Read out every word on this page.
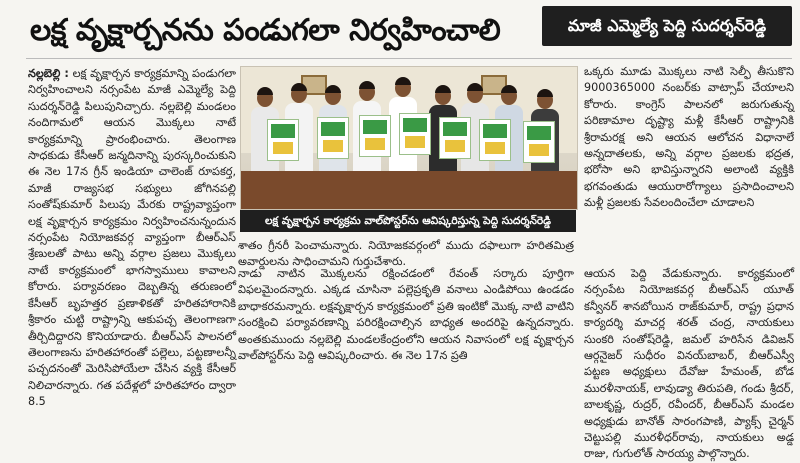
లక్ష వృక్షార్చనను పండుగలా నిర్వహించాలి	మాజీ ఎమ్మెల్యే పెద్ది సుదర్శన్‌రెడ్డి

నల్లబెల్లి : లక్ష వృక్షార్చన కార్యక్రమాన్ని పండుగలా నిర్వహించాలని నర్సంపేట మాజీ ఎమ్మెల్యే పెద్ది సుదర్శన్‌రెడ్డి పిలుపునిచ్చారు. నల్లబెల్లి మండలం నందిగామలో ఆయన మొక్కలు నాటే కార్యక్రమాన్ని ప్రారంభించారు. తెలంగాణ సాధకుడు కేసీఆర్ జన్మదినాన్ని పురస్కరించుకుని ఈ నెల 17న గ్రీన్ ఇండియా చాలెంజ్ రూపకర్త, మాజీ రాజ్యసభ సభ్యులు జోగినపల్లి సంతోష్‌కుమార్ పిలుపు మేరకు రాష్ట్రవ్యాప్తంగా లక్ష వృక్షార్చన కార్యక్రమం నిర్వహించనున్నందున నర్సంపేట నియోజకవర్గ వ్యాప్తంగా బీఆర్ఎస్ శ్రేణులతో పాటు అన్ని వర్గాల ప్రజలు మొక్కలు నాటే కార్యక్రమంలో భాగస్వాములు కావాలని కోరారు. పర్యావరణం దెబ్బతిన్న తరుణంలో కేసీఆర్ బృహత్తర ప్రణాళికతో హరితహారానికి శ్రీకారం చుట్టి రాష్ట్రాన్ని ఆకుపచ్చ తెలంగాణగా తీర్చిదిద్దారని కొనియాడారు. బీఆర్ఎస్ పాలనలో తెలంగాణను హరితహారంతో పల్లెలు, పట్టణాలన్నీ పచ్చదనంతో మెరిసిపోయేలా చేసిన వ్యక్తి కేసీఆర్ నిలిచారన్నారు. గత పదేళ్లలో హరితహారం ద్వారా 8.5

లక్ష వృక్షార్చన కార్యక్రమ వాల్‌పోస్టర్‌ను ఆవిష్కరిస్తున్న పెద్ది సుదర్శన్‌రెడ్డి

శాతం గ్రీనరీ పెంచామన్నారు. నియోజకవర్గంలో ముదు దఫాలుగా హరితమిత్ర అవార్డులను సాధించామని గుర్తుచేశారు.

నాడు నాటిన మొక్కలను రక్షించడంలో రేవంత్ సర్కారు పూర్తిగా విఫలమైందన్నారు. ఎక్కడ చూసినా పల్లెప్రకృతి వనాలు ఎండిపోయి ఉండడం బాధాకరమన్నారు. లక్షవృక్షార్చన కార్యక్రమంలో ప్రతి ఇంటికో మొక్క నాటి వాటిని సంరక్షించి పర్యావరణాన్ని పరిరక్షించాల్సిన బాధ్యత అందరిపై ఉన్నదన్నారు. అంతకుముందు నల్లబెల్లి మండలకేంద్రంలోని ఆయన నివాసంలో లక్ష వృక్షార్చన వాల్‌పోస్టర్‌ను పెద్ది ఆవిష్కరించారు. ఈ నెల 17న ప్రతి

ఒక్కరు మూడు మొక్కలు నాటి సెల్ఫీ తీసుకొని 9000365000 నంబర్‌కు వాట్సాప్ చేయాలని కోరారు. కాంగ్రెస్ పాలనలో జరుగుతున్న పరిణామాల దృష్ట్యా మళ్లీ కేసీఆర్ రాష్ట్రానికి శ్రీరామరక్ష అని ఆయన ఆలోచన విధానాలే అన్నదాతలకు, అన్ని వర్గాల ప్రజలకు భద్రత, భరోసా అని భావిస్తున్నారని అలాంటి వ్యక్తికి భగవంతుడు ఆయురారోగ్యాలు ప్రసాదించాలని మళ్లీ ప్రజలకు సేవలందించేలా చూడాలని

ఆయన పెద్ది వేడుకున్నారు. కార్యక్రమంలో నర్సంపేట నియోజకవర్గ బీఆర్ఎస్ యూత్ కన్వీనర్ శానబోయిన రాజ్‌కుమార్, రాష్ట్ర ప్రధాన కార్యదర్శి మాచర్ల శరత్ చంద్ర, నాయకులు సుంకరి సంతోష్‌రెడ్డి, జమల్ హరిసేన డివిజన్ ఆర్గనైజర్ సుధీరం వినయ్‌బాబర్, బీఆర్ఎస్వీ పట్టణ అధ్యక్షులు దేవోజు హేమంత్, బోడ మురళీనాయక్, లావుడ్యా తిరుపతి, గండు శ్రీదర్, బాలకృష్ణ, రుద్రర్, రవీందర్, బీఆర్ఎస్ మండల అధ్యక్షుడు బానోత్ సారంగపాణి, ప్యాక్స్ చైర్మన్ చెట్టుపల్లి మురళీధర్‌రావు, నాయకులు అడ్డ రాజు, గుగులోత్ సారయ్య పాల్గొన్నారు.
